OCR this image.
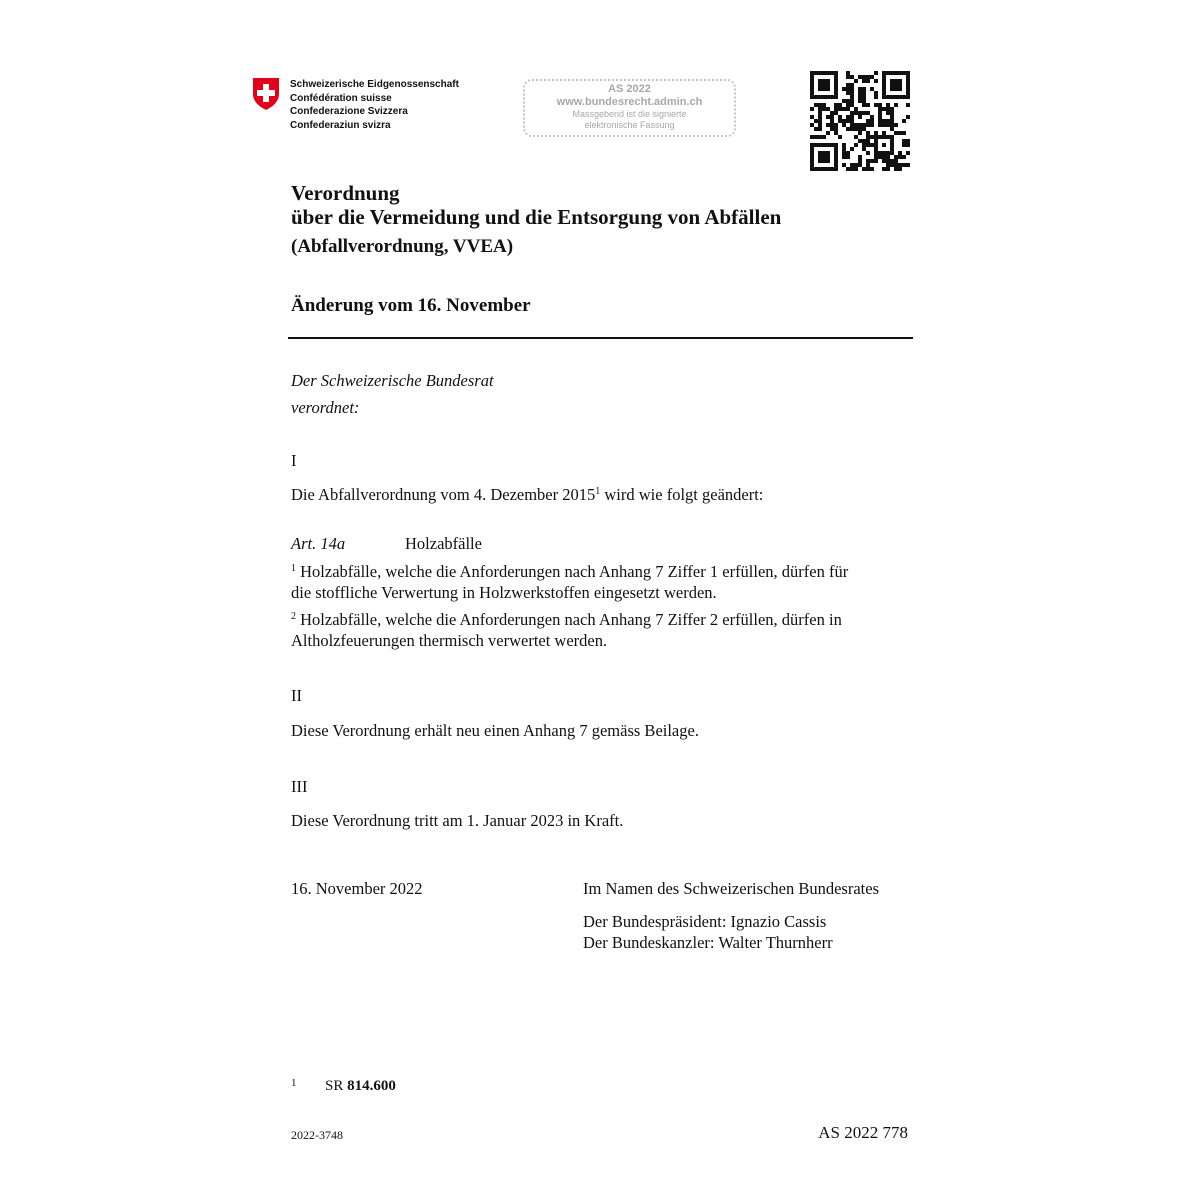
Schweizerische Eidgenossenschaft
Confédération suisse
Confederazione Svizzera
Confederaziun svizra
AS 2022
www.bundesrecht.admin.ch
Massgebend ist die signierte
elektronische Fassung
Verordnung
über die Vermeidung und die Entsorgung von Abfällen
(Abfallverordnung, VVEA)
Änderung vom 16. November
Der Schweizerische Bundesrat
verordnet:
I
Die Abfallverordnung vom 4. Dezember 2015$^1$ wird wie folgt geändert:
Art. 14a	Holzabfälle
$^1$ Holzabfälle, welche die Anforderungen nach Anhang 7 Ziffer 1 erfüllen, dürfen für
die stoffliche Verwertung in Holzwerkstoffen eingesetzt werden.
$^2$ Holzabfälle, welche die Anforderungen nach Anhang 7 Ziffer 2 erfüllen, dürfen in
Altholzfeuerungen thermisch verwertet werden.
II
Diese Verordnung erhält neu einen Anhang 7 gemäss Beilage.
III
Diese Verordnung tritt am 1. Januar 2023 in Kraft.
16. November 2022	Im Namen des Schweizerischen Bundesrates
Der Bundespräsident: Ignazio Cassis
Der Bundeskanzler: Walter Thurnherr
1 SR 814.600
2022-3748	AS 2022 778
